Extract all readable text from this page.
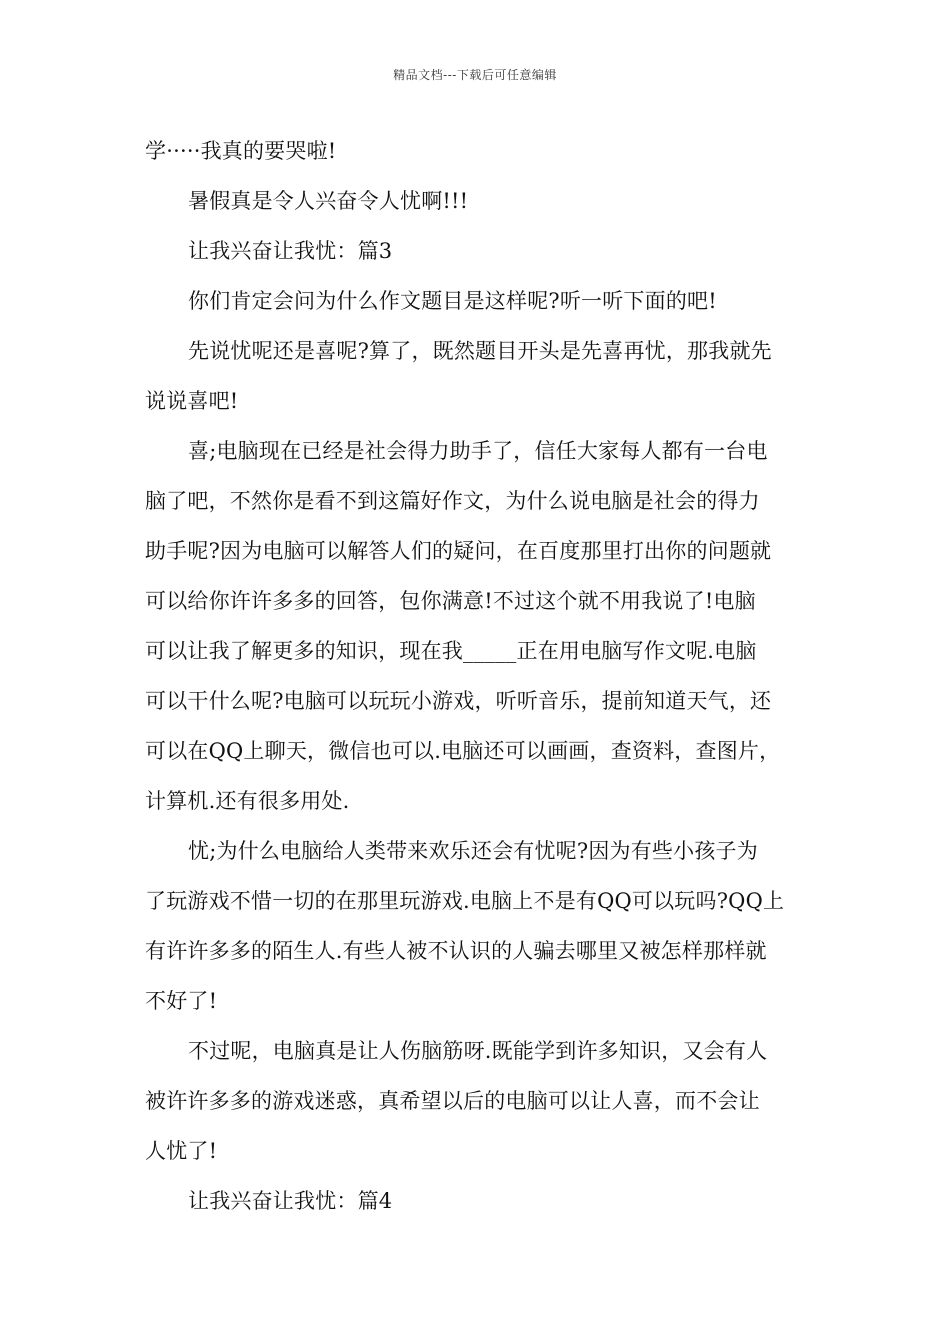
精品文档---下载后可任意编辑
学·····我真的要哭啦!
暑假真是令人兴奋令人忧啊!!!
让我兴奋让我忧：篇3
你们肯定会问为什么作文题目是这样呢?听一听下面的吧!
先说忧呢还是喜呢?算了，既然题目开头是先喜再忧，那我就先
说说喜吧!
喜;电脑现在已经是社会得力助手了，信任大家每人都有一台电
脑了吧，不然你是看不到这篇好作文，为什么说电脑是社会的得力
助手呢?因为电脑可以解答人们的疑问，在百度那里打出你的问题就
可以给你许许多多的回答，包你满意!不过这个就不用我说了!电脑
可以让我了解更多的知识，现在我_____正在用电脑写作文呢.电脑
可以干什么呢?电脑可以玩玩小游戏，听听音乐，提前知道天气，还
可以在QQ上聊天，微信也可以.电脑还可以画画，查资料，查图片，
计算机.还有很多用处.
忧;为什么电脑给人类带来欢乐还会有忧呢?因为有些小孩子为
了玩游戏不惜一切的在那里玩游戏.电脑上不是有QQ可以玩吗?QQ上
有许许多多的陌生人.有些人被不认识的人骗去哪里又被怎样那样就
不好了!
不过呢，电脑真是让人伤脑筋呀.既能学到许多知识，又会有人
被许许多多的游戏迷惑，真希望以后的电脑可以让人喜，而不会让
人忧了!
让我兴奋让我忧：篇4
